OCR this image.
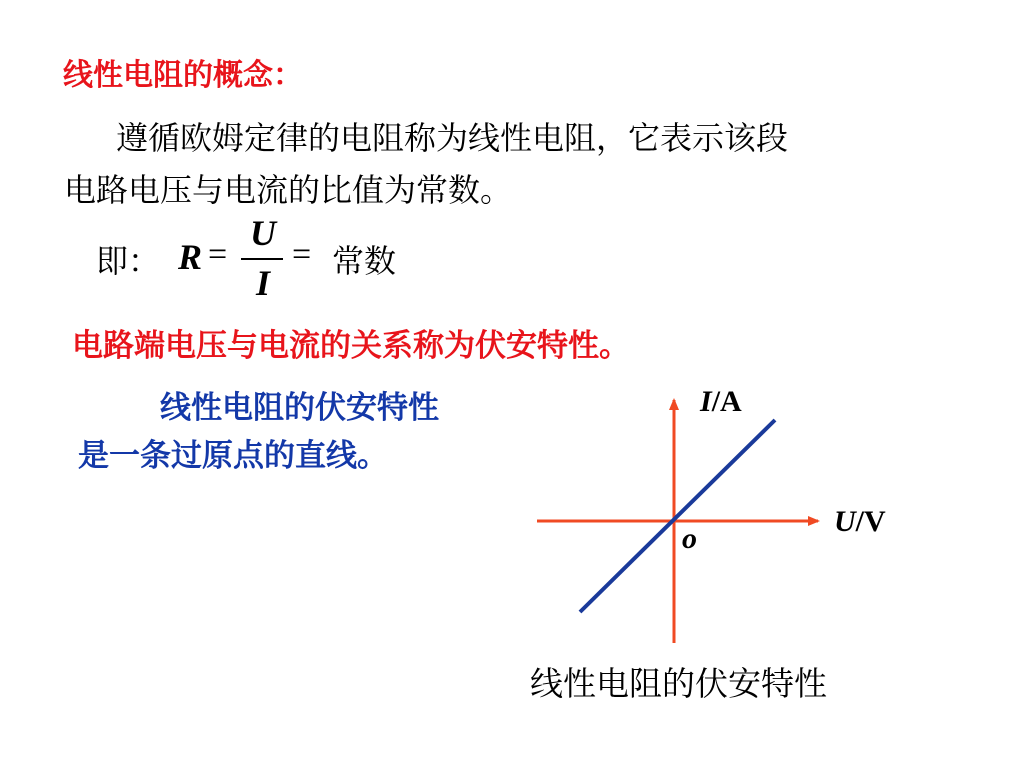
线性电阻的概念：
遵循欧姆定律的电阻称为线性电阻，它表示该段
电路电压与电流的比值为常数。
即： R =
U
I
= 常数
电路端电压与电流的关系称为伏安特性。
线性电阻的伏安特性
是一条过原点的直线。
I/A
U/V
o
线性电阻的伏安特性
